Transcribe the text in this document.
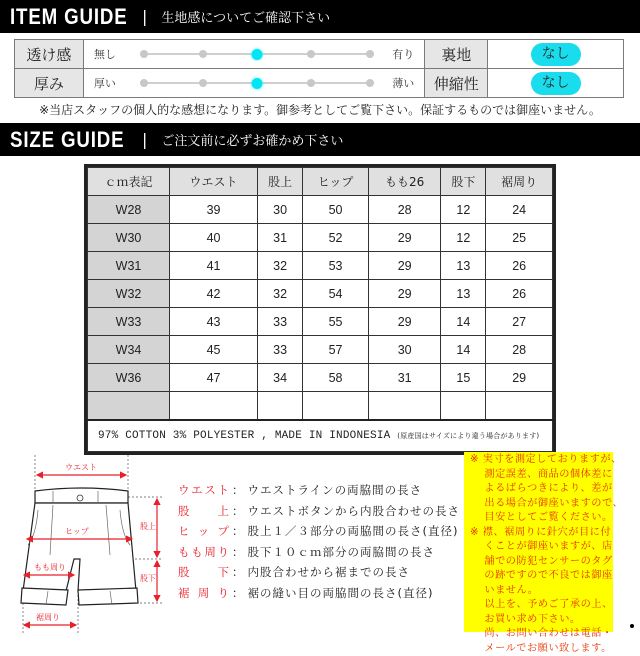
ITEM GUIDE | 生地感についてご確認下さい
透け感	無し 有り	裏地	なし
厚み	厚い 薄い	伸縮性	なし
※当店スタッフの個人的な感想になります。御参考としてご覧下さい。保証するものでは御座いません。
SIZE GUIDE | ご注文前に必ずお確かめ下さい
ｃｍ表記	ウエスト	股上	ヒップ	もも26	股下	裾周り
W28	39	30	50	28	12	24
W30	40	31	52	29	12	25
W31	41	32	53	29	13	26
W32	42	32	54	29	13	26
W33	43	33	55	29	14	27
W34	45	33	57	30	14	28
W36	47	34	58	31	15	29

97% COTTON 3% POLYESTER , MADE IN INDONESIA (原産国はサイズにより違う場合があります)						
ウエスト
ヒップ
もも周り
裾周り
股上
股下
ウ エ ス ト ： ウエストラインの両脇間の長さ
股 上 ： ウエストボタンから内股合わせの長さ
ヒ ッ プ ： 股上１／３部分の両脇間の長さ(直径)
も も 周 り ： 股下１０ｃｍ部分の両脇間の長さ
股 下 ： 内股合わせから裾までの長さ
裾 周 り ： 裾の縫い目の両脇間の長さ(直径)
※ 実寸を測定しておりますが、
　 測定誤差、商品の個体差に
　 よるばらつきにより、差が
　 出る場合が御座いますので、
　 目安としてご覧ください。
※ 襟、裾周りに針穴が目に付
　 くことが御座いますが、店
　 舗での防犯センサーのタグ
　 の跡ですので不良では御座
　 いません。
　 以上を、予めご了承の上、
　 お買い求め下さい。
　 尚、お問い合わせは電話・
　 メールでお願い致します。
